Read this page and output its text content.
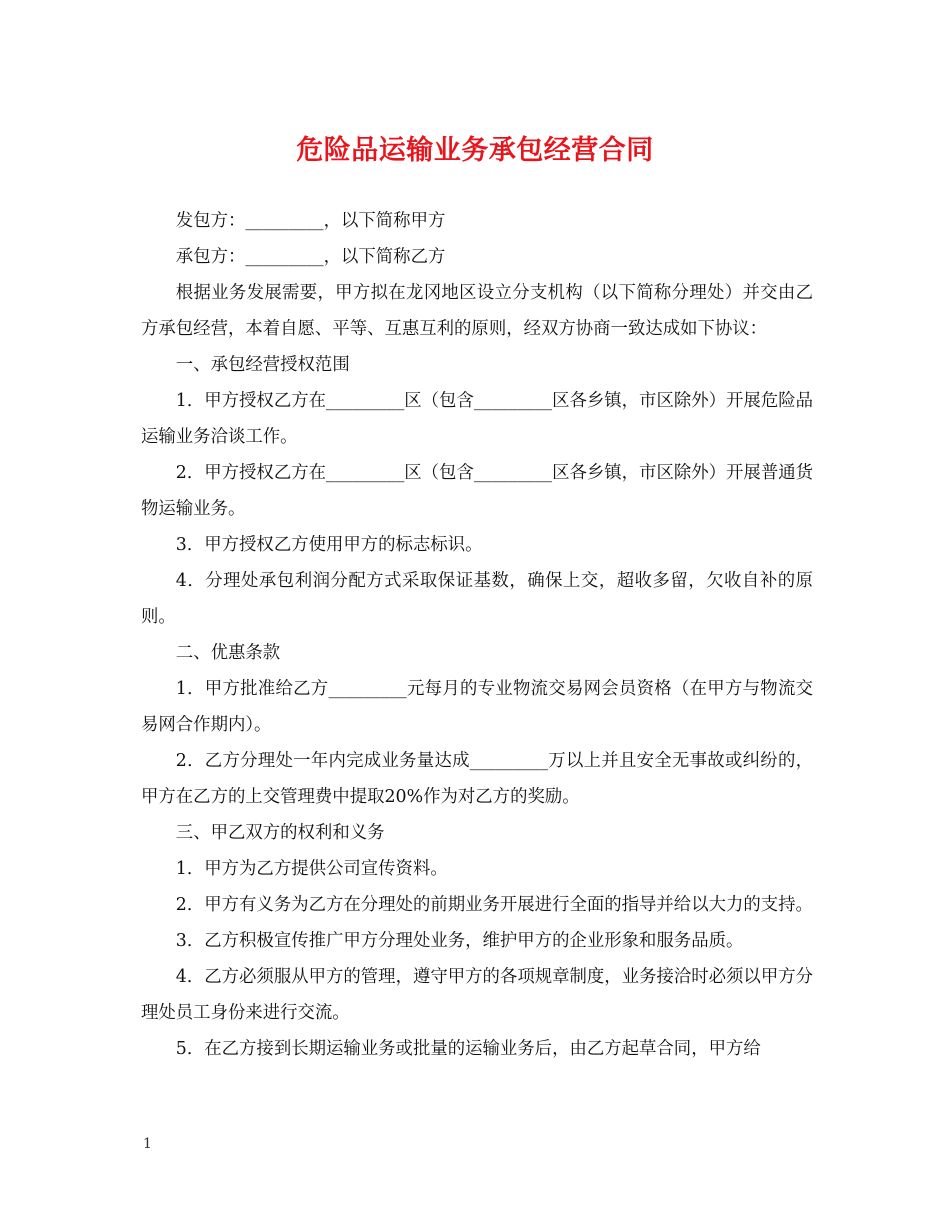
危险品运输业务承包经营合同

发包方：_________，以下简称甲方

承包方：_________，以下简称乙方

根据业务发展需要，甲方拟在龙冈地区设立分支机构（以下简称分理处）并交由乙方承包经营，本着自愿、平等、互惠互利的原则，经双方协商一致达成如下协议：

一、承包经营授权范围

1．甲方授权乙方在_________区（包含_________区各乡镇，市区除外）开展危险品运输业务洽谈工作。

2．甲方授权乙方在_________区（包含_________区各乡镇，市区除外）开展普通货物运输业务。

3．甲方授权乙方使用甲方的标志标识。

4．分理处承包利润分配方式采取保证基数，确保上交，超收多留，欠收自补的原则。

二、优惠条款

1．甲方批准给乙方_________元每月的专业物流交易网会员资格（在甲方与物流交易网合作期内）。

2．乙方分理处一年内完成业务量达成_________万以上并且安全无事故或纠纷的，甲方在乙方的上交管理费中提取20%作为对乙方的奖励。

三、甲乙双方的权利和义务

1．甲方为乙方提供公司宣传资料。

2．甲方有义务为乙方在分理处的前期业务开展进行全面的指导并给以大力的支持。

3．乙方积极宣传推广甲方分理处业务，维护甲方的企业形象和服务品质。

4．乙方必须服从甲方的管理，遵守甲方的各项规章制度，业务接洽时必须以甲方分理处员工身份来进行交流。

5．在乙方接到长期运输业务或批量的运输业务后，由乙方起草合同，甲方给

1
